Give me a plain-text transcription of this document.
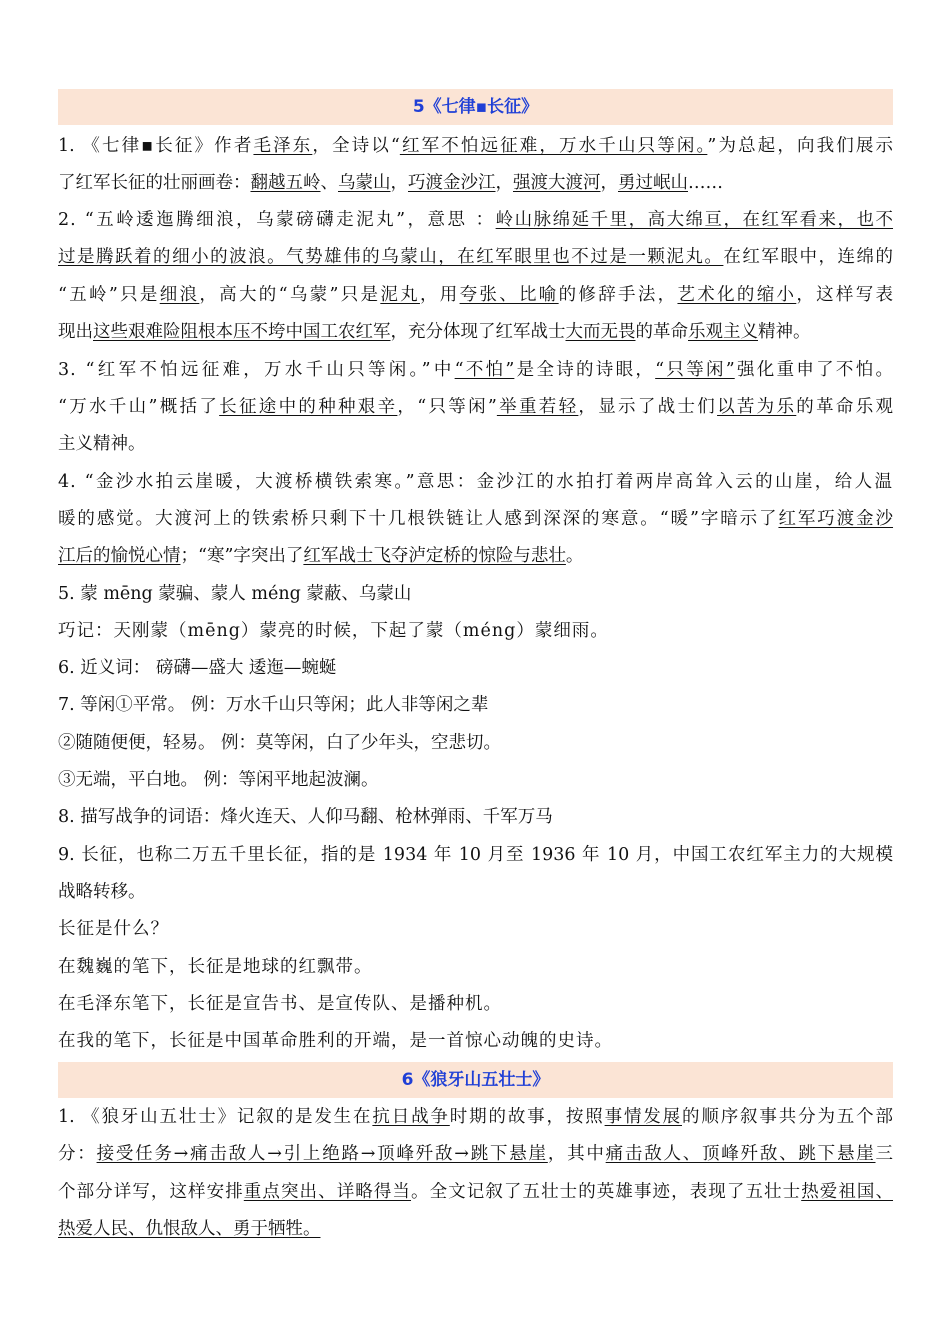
5《七律▪长征》
1. 《七律▪长征》作者毛泽东，全诗以“红军不怕远征难，万水千山只等闲。”为总起，向我们展示
了红军长征的壮丽画卷：翻越五岭、乌蒙山，巧渡金沙江，强渡大渡河，勇过岷山……
2. “五岭逶迤腾细浪，乌蒙磅礴走泥丸”，意思 ：岭山脉绵延千里，高大绵亘，在红军看来，也不
过是腾跃着的细小的波浪。气势雄伟的乌蒙山，在红军眼里也不过是一颗泥丸。在红军眼中，连绵的
“五岭”只是细浪，高大的“乌蒙”只是泥丸，用夸张、比喻的修辞手法，艺术化的缩小，这样写表
现出这些艰难险阻根本压不垮中国工农红军，充分体现了红军战士大而无畏的革命乐观主义精神。
3. “红军不怕远征难，万水千山只等闲。”中“不怕”是全诗的诗眼，“只等闲”强化重申了不怕。
“万水千山”概括了长征途中的种种艰辛，“只等闲”举重若轻，显示了战士们以苦为乐的革命乐观
主义精神。
4. “金沙水拍云崖暖，大渡桥横铁索寒。”意思：金沙江的水拍打着两岸高耸入云的山崖，给人温
暖的感觉。大渡河上的铁索桥只剩下十几根铁链让人感到深深的寒意。“暖”字暗示了红军巧渡金沙
江后的愉悦心情；“寒”字突出了红军战士飞夺泸定桥的惊险与悲壮。
5. 蒙 mēng 蒙骗、蒙人 méng 蒙蔽、乌蒙山
巧记：天刚蒙（mēng）蒙亮的时候，下起了蒙（méng）蒙细雨。
6. 近义词： 磅礴—盛大 逶迤—蜿蜒
7. 等闲①平常。 例：万水千山只等闲；此人非等闲之辈
②随随便便，轻易。 例：莫等闲，白了少年头，空悲切。
③无端，平白地。 例：等闲平地起波澜。
8. 描写战争的词语：烽火连天、人仰马翻、枪林弹雨、千军万马
9. 长征，也称二万五千里长征，指的是 1934 年 10 月至 1936 年 10 月，中国工农红军主力的大规模
战略转移。
长征是什么？
在魏巍的笔下，长征是地球的红飘带。
在毛泽东笔下，长征是宣告书、是宣传队、是播种机。
在我的笔下，长征是中国革命胜利的开端，是一首惊心动魄的史诗。
6《狼牙山五壮士》
1. 《狼牙山五壮士》记叙的是发生在抗日战争时期的故事，按照事情发展的顺序叙事共分为五个部
分：接受任务→痛击敌人→引上绝路→顶峰歼敌→跳下悬崖，其中痛击敌人、顶峰歼敌、跳下悬崖三
个部分详写，这样安排重点突出、详略得当。全文记叙了五壮士的英雄事迹，表现了五壮士热爱祖国、
热爱人民、仇恨敌人、勇于牺牲。
